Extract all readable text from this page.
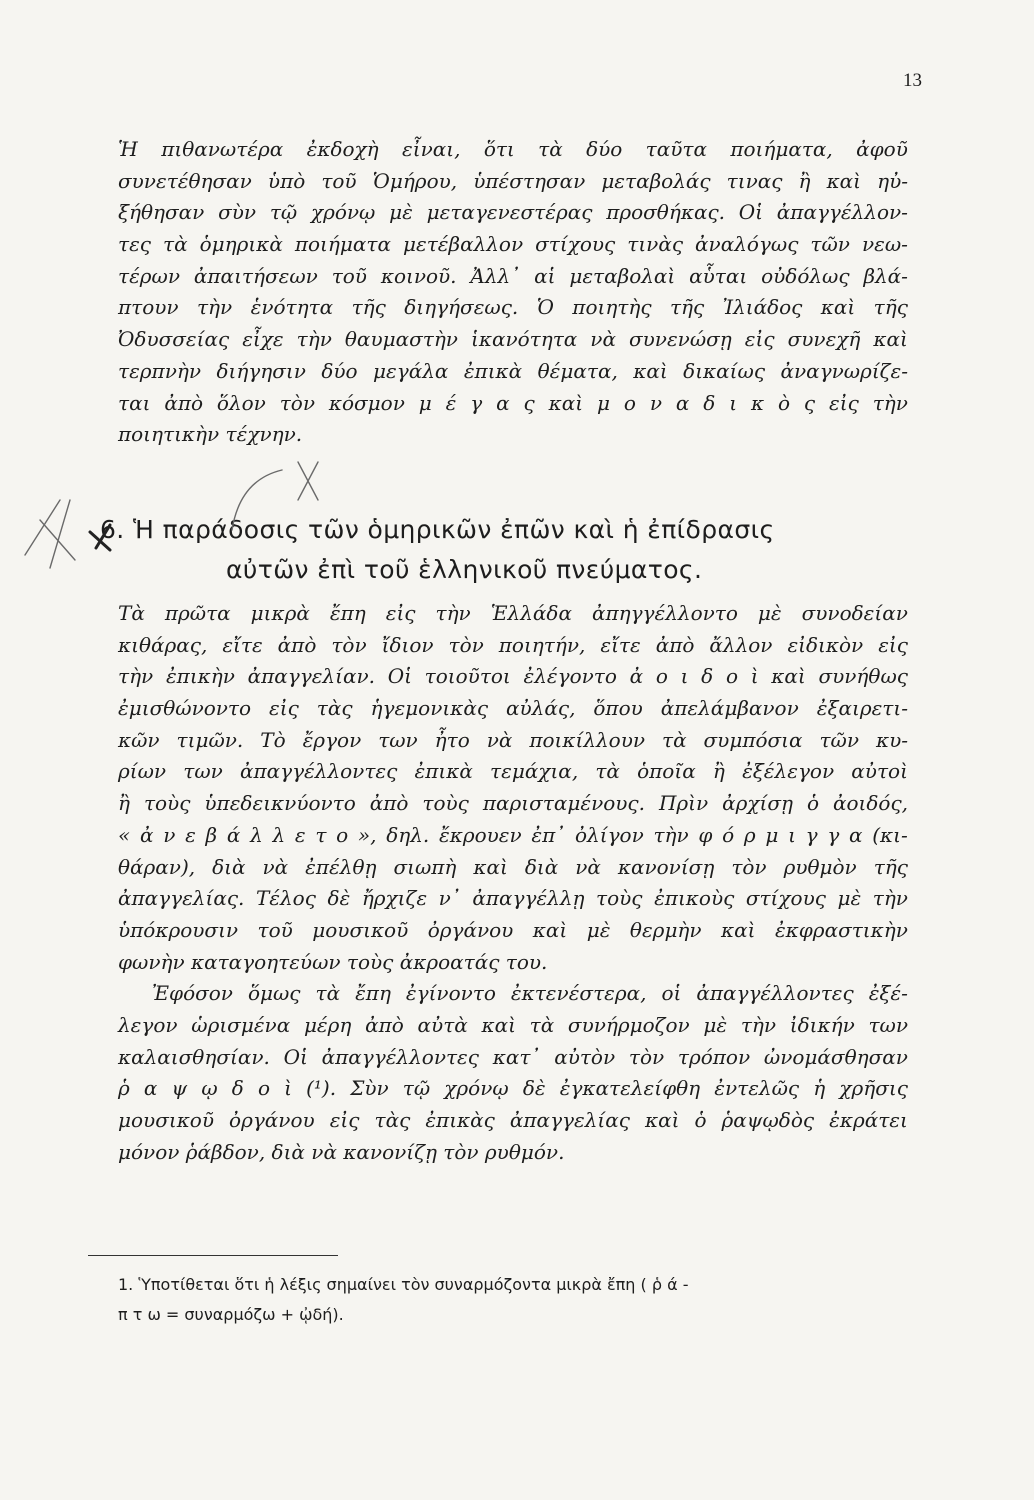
13
Ἡ πιθανωτέρα ἐκδοχὴ εἶναι, ὅτι τὰ δύο ταῦτα ποιήματα, ἀφοῦ
συνετέθησαν ὑπὸ τοῦ Ὁμήρου, ὑπέστησαν μεταβολάς τινας ἢ καὶ ηὐ-
ξήθησαν σὺν τῷ χρόνῳ μὲ μεταγενεστέρας προσθήκας. Οἱ ἀπαγγέλλον-
τες τὰ ὁμηρικὰ ποιήματα μετέβαλλον στίχους τινὰς ἀναλόγως τῶν νεω-
τέρων ἀπαιτήσεων τοῦ κοινοῦ. Ἀλλ᾽ αἱ μεταβολαὶ αὗται οὐδόλως βλά-
πτουν τὴν ἑνότητα τῆς διηγήσεως. Ὁ ποιητὴς τῆς Ἰλιάδος καὶ τῆς
Ὀδυσσείας εἶχε τὴν θαυμαστὴν ἱκανότητα νὰ συνενώσῃ εἰς συνεχῆ καὶ
τερπνὴν διήγησιν δύο μεγάλα ἐπικὰ θέματα, καὶ δικαίως ἀναγνωρίζε-
ται ἀπὸ ὅλον τὸν κόσμον μ έ γ α ς καὶ μ ο ν α δ ι κ ὸ ς εἰς τὴν
ποιητικὴν τέχνην.
6. Ἡ παράδοσις τῶν ὁμηρικῶν ἐπῶν καὶ ἡ ἐπίδρασις
αὐτῶν ἐπὶ τοῦ ἑλληνικοῦ πνεύματος.
Τὰ πρῶτα μικρὰ ἔπη εἰς τὴν Ἑλλάδα ἀπηγγέλλοντο μὲ συνοδείαν
κιθάρας, εἴτε ἀπὸ τὸν ἴδιον τὸν ποιητήν, εἴτε ἀπὸ ἄλλον εἰδικὸν εἰς
τὴν ἐπικὴν ἀπαγγελίαν. Οἱ τοιοῦτοι ἐλέγοντο ἀ ο ι δ ο ὶ καὶ συνήθως
ἐμισθώνοντο εἰς τὰς ἡγεμονικὰς αὐλάς, ὅπου ἀπελάμβανον ἐξαιρετι-
κῶν τιμῶν. Τὸ ἔργον των ἦτο νὰ ποικίλλουν τὰ συμπόσια τῶν κυ-
ρίων των ἀπαγγέλλοντες ἐπικὰ τεμάχια, τὰ ὁποῖα ἢ ἐξέλεγον αὐτοὶ
ἢ τοὺς ὑπεδεικνύοντο ἀπὸ τοὺς παρισταμένους. Πρὶν ἀρχίσῃ ὁ ἀοιδός,
« ἀ ν ε β ά λ λ ε τ ο », δηλ. ἔκρουεν ἐπ᾽ ὀλίγον τὴν φ ό ρ μ ι γ γ α (κι-
θάραν), διὰ νὰ ἐπέλθῃ σιωπὴ καὶ διὰ νὰ κανονίσῃ τὸν ρυθμὸν τῆς
ἀπαγγελίας. Τέλος δὲ ἤρχιζε ν᾽ ἀπαγγέλλῃ τοὺς ἐπικοὺς στίχους μὲ τὴν
ὑπόκρουσιν τοῦ μουσικοῦ ὀργάνου καὶ μὲ θερμὴν καὶ ἐκφραστικὴν
φωνὴν καταγοητεύων τοὺς ἀκροατάς του.
Ἐφόσον ὅμως τὰ ἔπη ἐγίνοντο ἐκτενέστερα, οἱ ἀπαγγέλλοντες ἐξέ-
λεγον ὡρισμένα μέρη ἀπὸ αὐτὰ καὶ τὰ συνήρμοζον μὲ τὴν ἰδικήν των
καλαισθησίαν. Οἱ ἀπαγγέλλοντες κατ᾽ αὐτὸν τὸν τρόπον ὠνομάσθησαν
ῥ α ψ ῳ δ ο ὶ (¹). Σὺν τῷ χρόνῳ δὲ ἐγκατελείφθη ἐντελῶς ἡ χρῆσις
μουσικοῦ ὀργάνου εἰς τὰς ἐπικὰς ἀπαγγελίας καὶ ὁ ῥαψῳδὸς ἐκράτει
μόνον ῥάβδον, διὰ νὰ κανονίζῃ τὸν ρυθμόν.
1. Ὑποτίθεται ὅτι ἡ λέξις σημαίνει τὸν συναρμόζοντα μικρὰ ἔπη ( ῥ ά -
π τ ω = συναρμόζω + ᾠδή).
